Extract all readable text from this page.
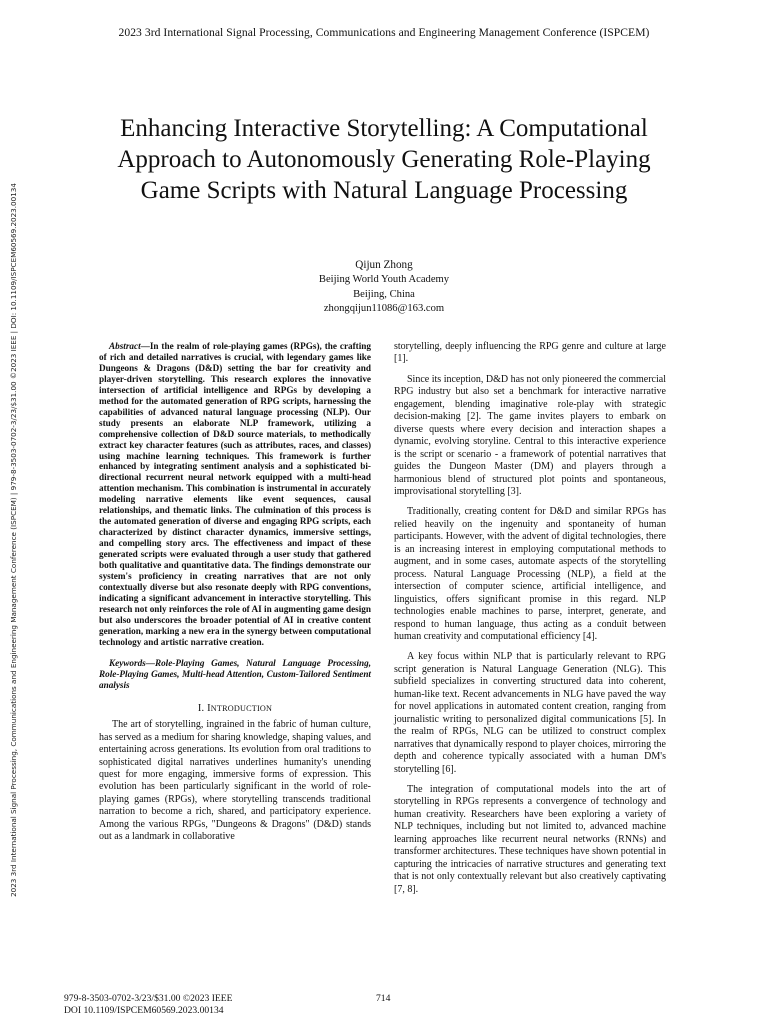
2023 3rd International Signal Processing, Communications and Engineering Management Conference (ISPCEM)
2023 3rd International Signal Processing, Communications and Engineering Management Conference (ISPCEM) | 979-8-3503-0702-3/23/$31.00 ©2023 IEEE | DOI: 10.1109/ISPCEM60569.2023.00134
Enhancing Interactive Storytelling: A Computational Approach to Autonomously Generating Role-Playing Game Scripts with Natural Language Processing
Qijun Zhong
Beijing World Youth Academy
Beijing, China
zhongqijun11086@163.com

Abstract—In the realm of role-playing games (RPGs), the crafting of rich and detailed narratives is crucial, with legendary games like Dungeons & Dragons (D&D) setting the bar for creativity and player-driven storytelling. This research explores the innovative intersection of artificial intelligence and RPGs by developing a method for the automated generation of RPG scripts, harnessing the capabilities of advanced natural language processing (NLP). Our study presents an elaborate NLP framework, utilizing a comprehensive collection of D&D source materials, to methodically extract key character features (such as attributes, races, and classes) using machine learning techniques. This framework is further enhanced by integrating sentiment analysis and a sophisticated bi-directional recurrent neural network equipped with a multi-head attention mechanism. This combination is instrumental in accurately modeling narrative elements like event sequences, causal relationships, and thematic links. The culmination of this process is the automated generation of diverse and engaging RPG scripts, each characterized by distinct character dynamics, immersive settings, and compelling story arcs. The effectiveness and impact of these generated scripts were evaluated through a user study that gathered both qualitative and quantitative data. The findings demonstrate our system's proficiency in creating narratives that are not only contextually diverse but also resonate deeply with RPG conventions, indicating a significant advancement in interactive storytelling. This research not only reinforces the role of AI in augmenting game design but also underscores the broader potential of AI in creative content generation, marking a new era in the synergy between computational technology and artistic narrative creation.

Keywords—Role-Playing Games, Natural Language Processing, Role-Playing Games, Multi-head Attention, Custom-Tailored Sentiment analysis

I. INTRODUCTION

The art of storytelling, ingrained in the fabric of human culture, has served as a medium for sharing knowledge, shaping values, and entertaining across generations. Its evolution from oral traditions to sophisticated digital narratives underlines humanity's unending quest for more engaging, immersive forms of expression. This evolution has been particularly significant in the world of role-playing games (RPGs), where storytelling transcends traditional narration to become a rich, shared, and participatory experience. Among the various RPGs, "Dungeons & Dragons" (D&D) stands out as a landmark in collaborative

storytelling, deeply influencing the RPG genre and culture at large [1].

Since its inception, D&D has not only pioneered the commercial RPG industry but also set a benchmark for interactive narrative engagement, blending imaginative role-play with strategic decision-making [2]. The game invites players to embark on diverse quests where every decision and interaction shapes a dynamic, evolving storyline. Central to this interactive experience is the script or scenario - a framework of potential narratives that guides the Dungeon Master (DM) and players through a harmonious blend of structured plot points and spontaneous, improvisational storytelling [3].

Traditionally, creating content for D&D and similar RPGs has relied heavily on the ingenuity and spontaneity of human participants. However, with the advent of digital technologies, there is an increasing interest in employing computational methods to augment, and in some cases, automate aspects of the storytelling process. Natural Language Processing (NLP), a field at the intersection of computer science, artificial intelligence, and linguistics, offers significant promise in this regard. NLP technologies enable machines to parse, interpret, generate, and respond to human language, thus acting as a conduit between human creativity and computational efficiency [4].

A key focus within NLP that is particularly relevant to RPG script generation is Natural Language Generation (NLG). This subfield specializes in converting structured data into coherent, human-like text. Recent advancements in NLG have paved the way for novel applications in automated content creation, ranging from journalistic writing to personalized digital communications [5]. In the realm of RPGs, NLG can be utilized to construct complex narratives that dynamically respond to player choices, mirroring the depth and coherence typically associated with a human DM's storytelling [6].

The integration of computational models into the art of storytelling in RPGs represents a convergence of technology and human creativity. Researchers have been exploring a variety of NLP techniques, including but not limited to, advanced machine learning approaches like recurrent neural networks (RNNs) and transformer architectures. These techniques have shown potential in capturing the intricacies of narrative structures and generating text that is not only contextually relevant but also creatively captivating [7, 8].

979-8-3503-0702-3/23/$31.00 ©2023 IEEE
DOI 10.1109/ISPCEM60569.2023.00134
714
